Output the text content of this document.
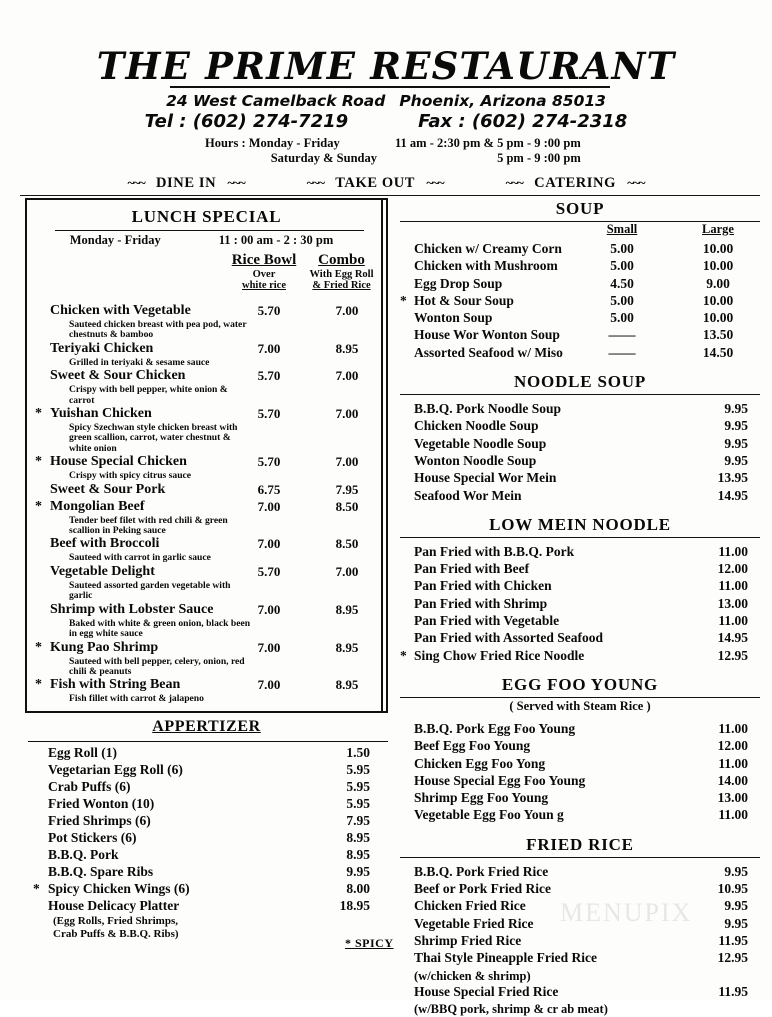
THE PRIME RESTAURANT
24 West Camelback Road Phoenix, Arizona 85013
Tel : (602) 274-7219	Fax : (602) 274-2318
Hours : Monday - Friday	11 am - 2:30 pm & 5 pm - 9 :00 pm
Saturday & Sunday	5 pm - 9 :00 pm
~~~ DINE IN ~~~	~~~ TAKE OUT ~~~	~~~ CATERING ~~~
LUNCH SPECIAL
Monday - Friday	11 : 00 am - 2 : 30 pm
Rice Bowl
Over
white rice
Combo
With Egg Roll
& Fried Rice
Chicken with Vegetable	5.70	7.00
Sauteed chicken breast with pea pod, water chestnuts & bamboo
Teriyaki Chicken	7.00	8.95
Grilled in teriyaki & sesame sauce
Sweet & Sour Chicken	5.70	7.00
Crispy with bell pepper, white onion & carrot
* Yuishan Chicken	5.70	7.00
Spicy Szechwan style chicken breast with green scallion, carrot, water chestnut & white onion
* House Special Chicken	5.70	7.00
Crispy with spicy citrus sauce
Sweet & Sour Pork	6.75	7.95
* Mongolian Beef	7.00	8.50
Tender beef filet with red chili & green scallion in Peking sauce
Beef with Broccoli	7.00	8.50
Sauteed with carrot in garlic sauce
Vegetable Delight	5.70	7.00
Sauteed assorted garden vegetable with garlic
Shrimp with Lobster Sauce	7.00	8.95
Baked with white & green onion, black been in egg white sauce
* Kung Pao Shrimp	7.00	8.95
Sauteed with bell pepper, celery, onion, red chili & peanuts
* Fish with String Bean	7.00	8.95
Fish fillet with carrot & jalapeno
APPERTIZER
Egg Roll (1)	1.50
Vegetarian Egg Roll (6)	5.95
Crab Puffs (6)	5.95
Fried Wonton (10)	5.95
Fried Shrimps (6)	7.95
Pot Stickers (6)	8.95
B.B.Q. Pork	8.95
B.B.Q. Spare Ribs	9.95
* Spicy Chicken Wings (6)	8.00
House Delicacy Platter	18.95
(Egg Rolls, Fried Shrimps,
Crab Puffs & B.B.Q. Ribs)
* SPICY
SOUP
Small	Large
Chicken w/ Creamy Corn	5.00	10.00
Chicken with Mushroom	5.00	10.00
Egg Drop Soup	4.50	9.00
* Hot & Sour Soup	5.00	10.00
Wonton Soup	5.00	10.00
House Wor Wonton Soup	——	13.50
Assorted Seafood w/ Miso	——	14.50
NOODLE SOUP
B.B.Q. Pork Noodle Soup	9.95
Chicken Noodle Soup	9.95
Vegetable Noodle Soup	9.95
Wonton Noodle Soup	9.95
House Special Wor Mein	13.95
Seafood Wor Mein	14.95
LOW MEIN NOODLE
Pan Fried with B.B.Q. Pork	11.00
Pan Fried with Beef	12.00
Pan Fried with Chicken	11.00
Pan Fried with Shrimp	13.00
Pan Fried with Vegetable	11.00
Pan Fried with Assorted Seafood	14.95
* Sing Chow Fried Rice Noodle	12.95
EGG FOO YOUNG
( Served with Steam Rice )
B.B.Q. Pork Egg Foo Young	11.00
Beef Egg Foo Young	12.00
Chicken Egg Foo Yong	11.00
House Special Egg Foo Young	14.00
Shrimp Egg Foo Young	13.00
Vegetable Egg Foo Youn g	11.00
FRIED RICE
B.B.Q. Pork Fried Rice	9.95
Beef or Pork Fried Rice	10.95
Chicken Fried Rice	9.95
Vegetable Fried Rice	9.95
Shrimp Fried Rice	11.95
Thai Style Pineapple Fried Rice	12.95
(w/chicken & shrimp)
House Special Fried Rice	11.95
(w/BBQ pork, shrimp & cr ab meat)
MENUPIX
